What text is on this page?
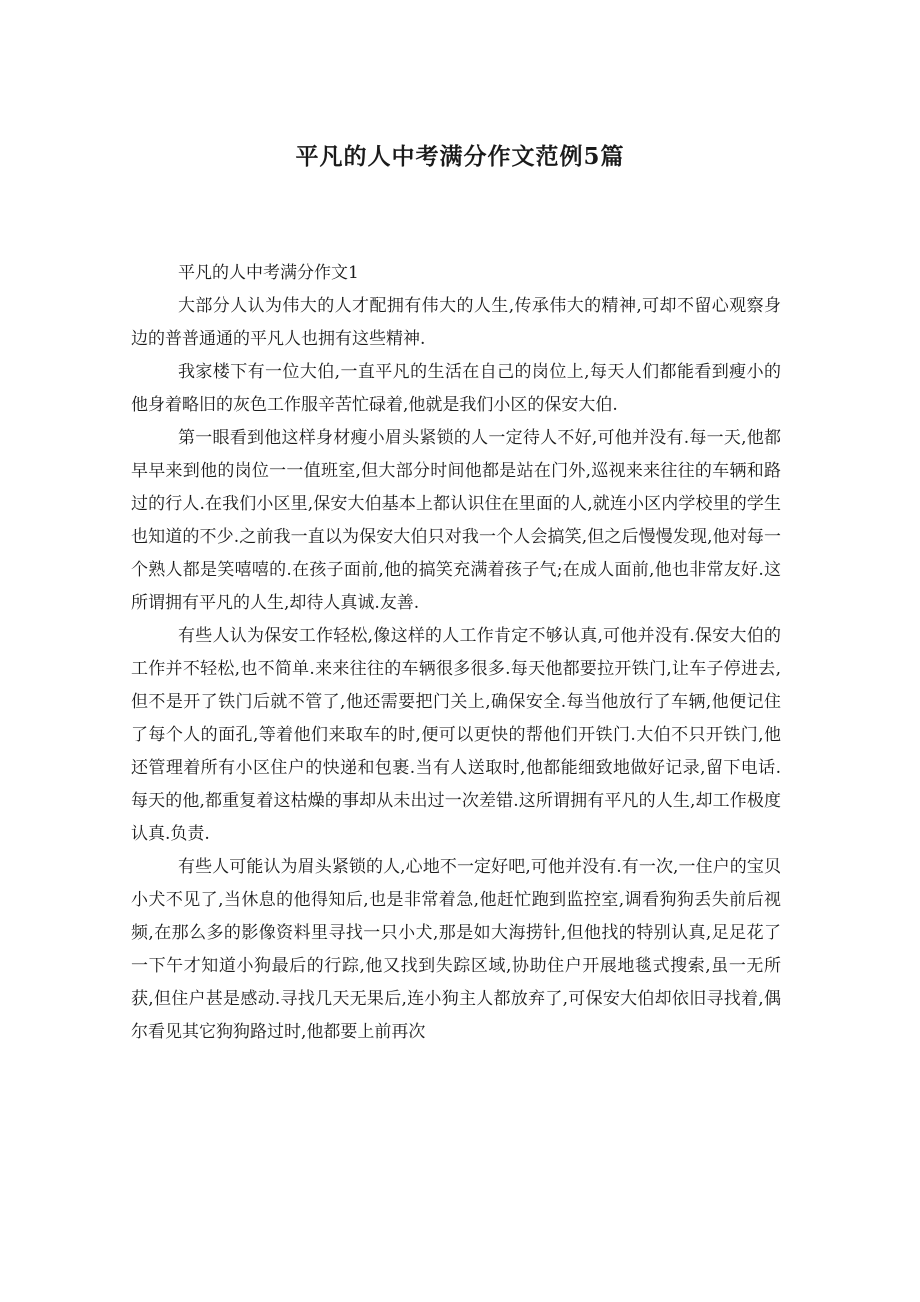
平凡的人中考满分作文范例5篇

平凡的人中考满分作文1

大部分人认为伟大的人才配拥有伟大的人生,传承伟大的精神,可却不留心观察身边的普普通通的平凡人也拥有这些精神.

我家楼下有一位大伯,一直平凡的生活在自己的岗位上,每天人们都能看到瘦小的他身着略旧的灰色工作服辛苦忙碌着,他就是我们小区的保安大伯.

第一眼看到他这样身材瘦小眉头紧锁的人一定待人不好,可他并没有.每一天,他都早早来到他的岗位一一值班室,但大部分时间他都是站在门外,巡视来来往往的车辆和路过的行人.在我们小区里,保安大伯基本上都认识住在里面的人,就连小区内学校里的学生也知道的不少.之前我一直以为保安大伯只对我一个人会搞笑,但之后慢慢发现,他对每一个熟人都是笑嘻嘻的.在孩子面前,他的搞笑充满着孩子气;在成人面前,他也非常友好.这所谓拥有平凡的人生,却待人真诚.友善.

有些人认为保安工作轻松,像这样的人工作肯定不够认真,可他并没有.保安大伯的工作并不轻松,也不简单.来来往往的车辆很多很多.每天他都要拉开铁门,让车子停进去,但不是开了铁门后就不管了,他还需要把门关上,确保安全.每当他放行了车辆,他便记住了每个人的面孔,等着他们来取车的时,便可以更快的帮他们开铁门.大伯不只开铁门,他还管理着所有小区住户的快递和包裹.当有人送取时,他都能细致地做好记录,留下电话.每天的他,都重复着这枯燥的事却从未出过一次差错.这所谓拥有平凡的人生,却工作极度认真.负责.

有些人可能认为眉头紧锁的人,心地不一定好吧,可他并没有.有一次,一住户的宝贝小犬不见了,当休息的他得知后,也是非常着急,他赶忙跑到监控室,调看狗狗丢失前后视频,在那么多的影像资料里寻找一只小犬,那是如大海捞针,但他找的特别认真,足足花了一下午才知道小狗最后的行踪,他又找到失踪区域,协助住户开展地毯式搜索,虽一无所获,但住户甚是感动.寻找几天无果后,连小狗主人都放弃了,可保安大伯却依旧寻找着,偶尔看见其它狗狗路过时,他都要上前再次
